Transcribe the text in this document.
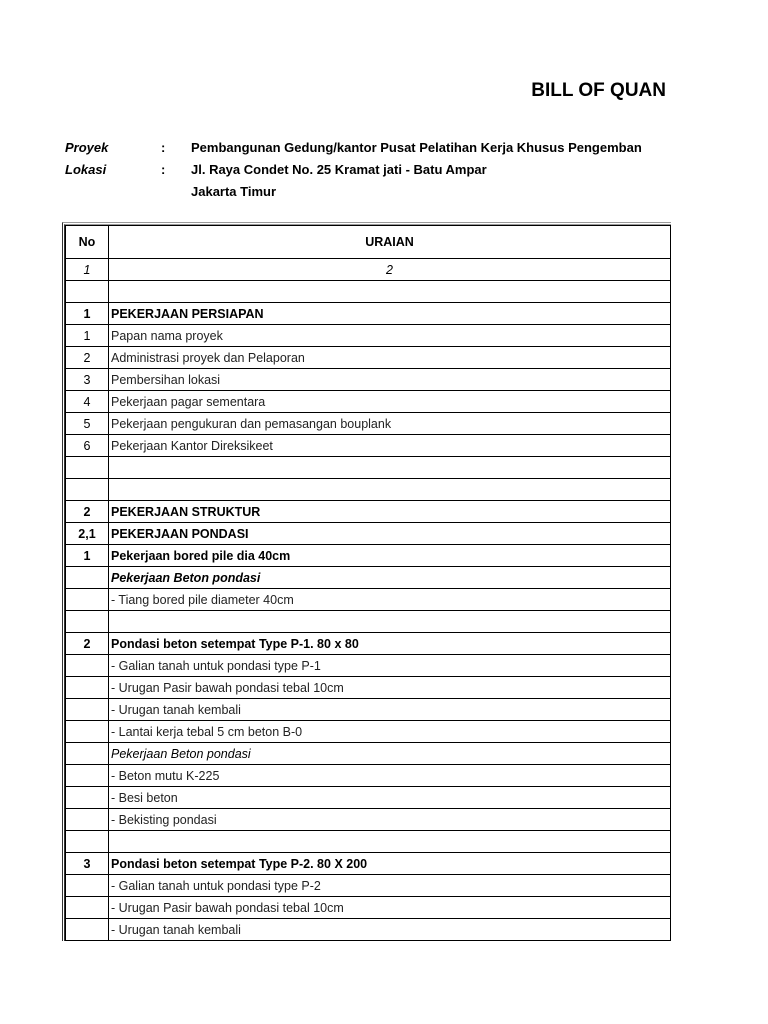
BILL OF QUAN
Proyek	: Pembangunan Gedung/kantor Pusat Pelatihan Kerja Khusus Pengemban
Lokasi	: Jl. Raya Condet No. 25 Kramat jati - Batu Ampar
Jakarta Timur
No	URAIAN
1	2

1	PEKERJAAN PERSIAPAN
1	Papan nama proyek
2	Administrasi proyek dan Pelaporan
3	Pembersihan lokasi
4	Pekerjaan pagar sementara
5	Pekerjaan pengukuran dan pemasangan bouplank
6	Pekerjaan Kantor Direksikeet

2	PEKERJAAN STRUKTUR
2,1	PEKERJAAN PONDASI
1	Pekerjaan bored pile dia 40cm
	Pekerjaan Beton pondasi
	- Tiang bored pile diameter 40cm

2	Pondasi beton setempat Type P-1. 80 x 80
	- Galian tanah untuk pondasi type P-1
	- Urugan Pasir bawah pondasi tebal 10cm
	- Urugan tanah kembali
	- Lantai kerja tebal 5 cm beton B-0
	Pekerjaan Beton pondasi
	- Beton mutu K-225
	- Besi beton
	- Bekisting pondasi

3	Pondasi beton setempat Type P-2. 80 X 200
	- Galian tanah untuk pondasi type P-2
	- Urugan Pasir bawah pondasi tebal 10cm
	- Urugan tanah kembali
